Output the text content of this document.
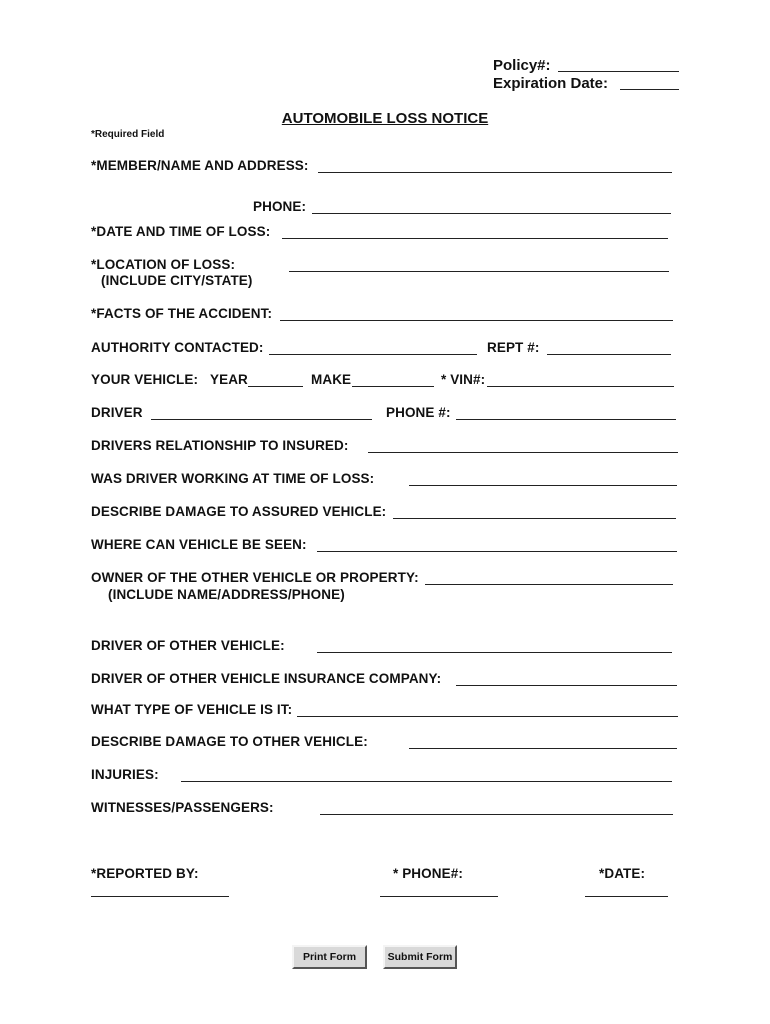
Policy#:
Expiration Date:
AUTOMOBILE LOSS NOTICE
*Required Field
*MEMBER/NAME AND ADDRESS:
PHONE:
*DATE AND TIME OF LOSS:
*LOCATION OF LOSS:
(INCLUDE CITY/STATE)
*FACTS OF THE ACCIDENT:
AUTHORITY CONTACTED:	REPT #:
YOUR VEHICLE: YEAR	MAKE	* VIN#:
DRIVER	PHONE #:
DRIVERS RELATIONSHIP TO INSURED:
WAS DRIVER WORKING AT TIME OF LOSS:
DESCRIBE DAMAGE TO ASSURED VEHICLE:
WHERE CAN VEHICLE BE SEEN:
OWNER OF THE OTHER VEHICLE OR PROPERTY:
(INCLUDE NAME/ADDRESS/PHONE)
DRIVER OF OTHER VEHICLE:
DRIVER OF OTHER VEHICLE INSURANCE COMPANY:
WHAT TYPE OF VEHICLE IS IT:
DESCRIBE DAMAGE TO OTHER VEHICLE:
INJURIES:
WITNESSES/PASSENGERS:
*REPORTED BY:	* PHONE#:	*DATE:
Print Form	Submit Form
